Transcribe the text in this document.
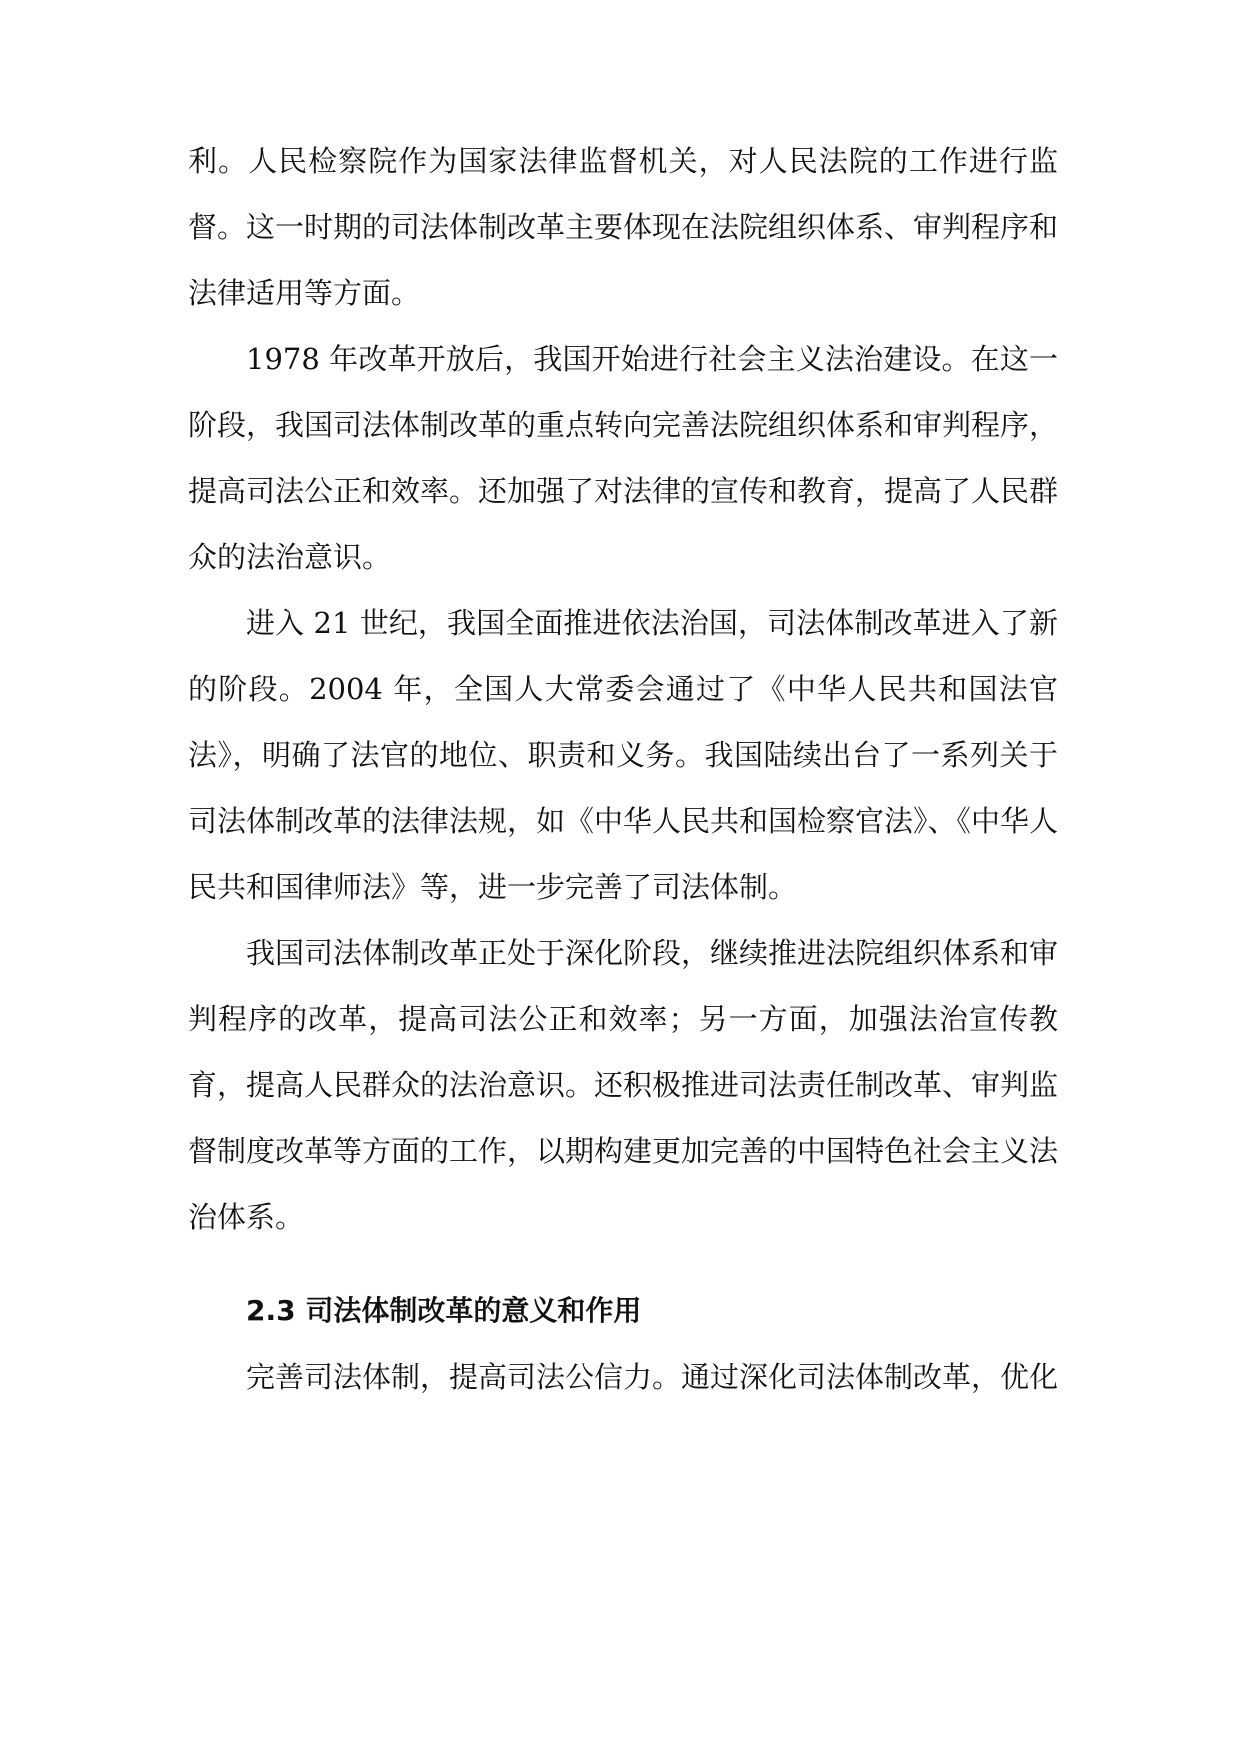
利。人民检察院作为国家法律监督机关，对人民法院的工作进行监督。这一时期的司法体制改革主要体现在法院组织体系、审判程序和法律适用等方面。

1978 年改革开放后，我国开始进行社会主义法治建设。在这一阶段，我国司法体制改革的重点转向完善法院组织体系和审判程序，提高司法公正和效率。还加强了对法律的宣传和教育，提高了人民群众的法治意识。

进入 21 世纪，我国全面推进依法治国，司法体制改革进入了新的阶段。2004 年，全国人大常委会通过了《中华人民共和国法官法》，明确了法官的地位、职责和义务。我国陆续出台了一系列关于司法体制改革的法律法规，如《中华人民共和国检察官法》、《中华人民共和国律师法》等，进一步完善了司法体制。

我国司法体制改革正处于深化阶段，继续推进法院组织体系和审判程序的改革，提高司法公正和效率；另一方面，加强法治宣传教育，提高人民群众的法治意识。还积极推进司法责任制改革、审判监督制度改革等方面的工作，以期构建更加完善的中国特色社会主义法治体系。

2.3 司法体制改革的意义和作用

完善司法体制，提高司法公信力。通过深化司法体制改革，优化
